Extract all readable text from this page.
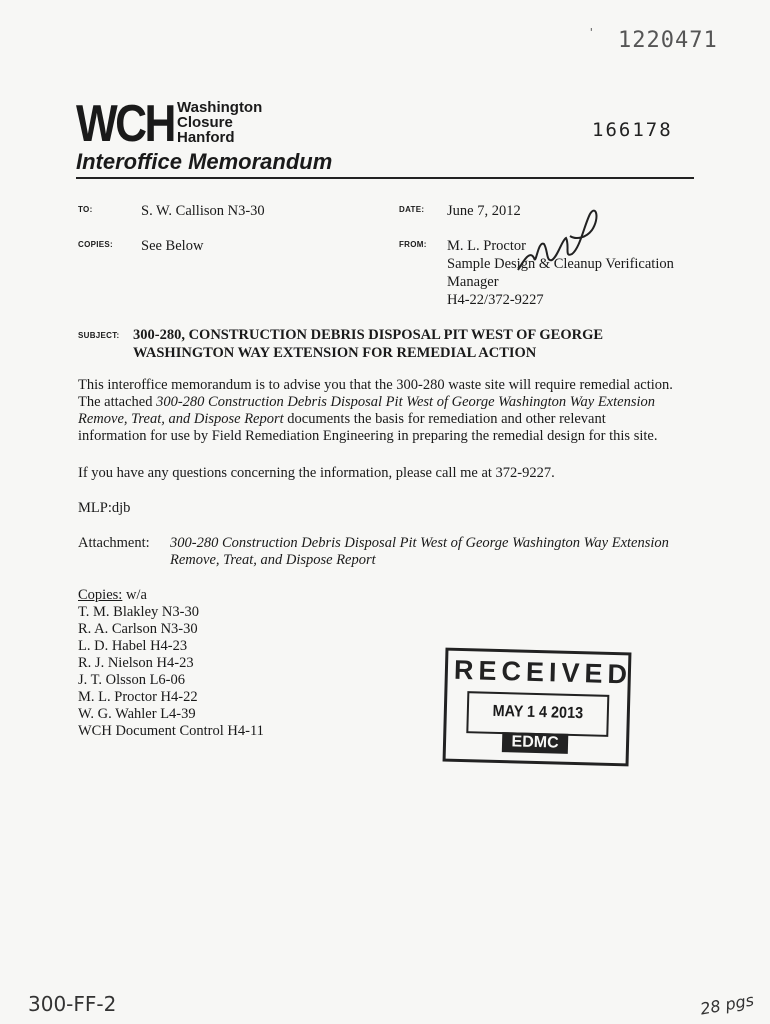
' 1220471
WCH Washington
Closure
Hanford	166178
Interoffice Memorandum
TO:	S. W. Callison N3-30	DATE: June 7, 2012
COPIES: See Below	FROM: M. L. Proctor
Sample Design & Cleanup Verification
Manager
H4-22/372-9227
SUBJECT: 300-280, CONSTRUCTION DEBRIS DISPOSAL PIT WEST OF GEORGE
WASHINGTON WAY EXTENSION FOR REMEDIAL ACTION
This interoffice memorandum is to advise you that the 300-280 waste site will require remedial action.
The attached 300-280 Construction Debris Disposal Pit West of George Washington Way Extension
Remove, Treat, and Dispose Report documents the basis for remediation and other relevant
information for use by Field Remediation Engineering in preparing the remedial design for this site.
If you have any questions concerning the information, please call me at 372-9227.
MLP:djb
Attachment: 300-280 Construction Debris Disposal Pit West of George Washington Way Extension
Remove, Treat, and Dispose Report
Copies: w/a
T. M. Blakley N3-30
R. A. Carlson N3-30
L. D. Habel H4-23
R. J. Nielson H4-23
J. T. Olsson L6-06
M. L. Proctor H4-22
W. G. Wahler L4-39
WCH Document Control H4-11
RECEIVED
MAY 1 4 2013
EDMC
300-FF-2	28 pgs
